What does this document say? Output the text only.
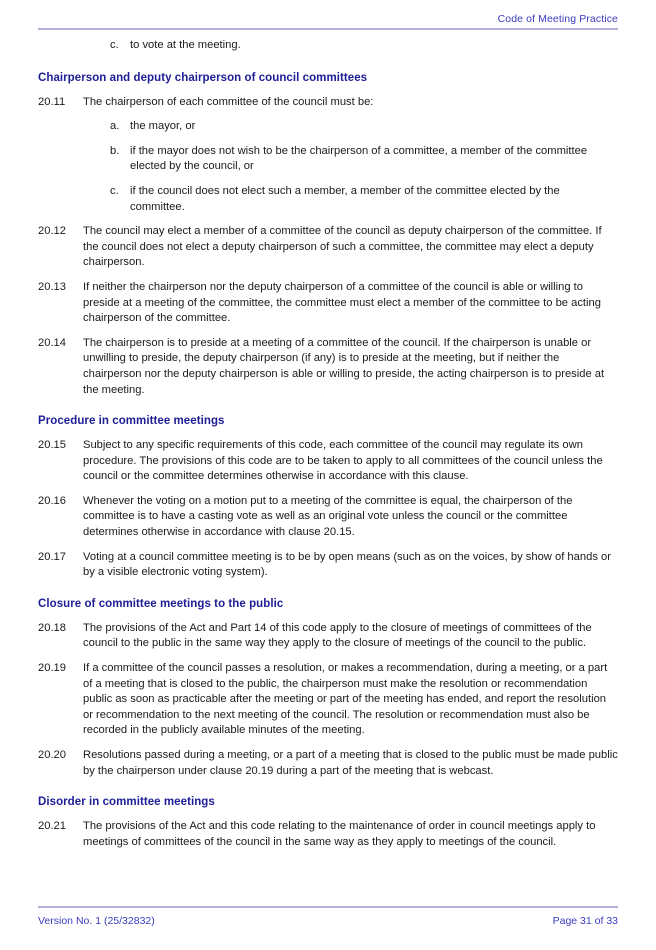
Code of Meeting Practice
c.	to vote at the meeting.
Chairperson and deputy chairperson of council committees
20.11	The chairperson of each committee of the council must be:
a. the mayor, or
b. if the mayor does not wish to be the chairperson of a committee, a member of the committee elected by the council, or
c.	if the council does not elect such a member, a member of the committee elected by the committee.
20.12	The council may elect a member of a committee of the council as deputy chairperson of the committee. If the council does not elect a deputy chairperson of such a committee, the committee may elect a deputy chairperson.
20.13	If neither the chairperson nor the deputy chairperson of a committee of the council is able or willing to preside at a meeting of the committee, the committee must elect a member of the committee to be acting chairperson of the committee.
20.14	The chairperson is to preside at a meeting of a committee of the council. If the chairperson is unable or unwilling to preside, the deputy chairperson (if any) is to preside at the meeting, but if neither the chairperson nor the deputy chairperson is able or willing to preside, the acting chairperson is to preside at the meeting.
Procedure in committee meetings
20.15	Subject to any specific requirements of this code, each committee of the council may regulate its own procedure. The provisions of this code are to be taken to apply to all committees of the council unless the council or the committee determines otherwise in accordance with this clause.
20.16	Whenever the voting on a motion put to a meeting of the committee is equal, the chairperson of the committee is to have a casting vote as well as an original vote unless the council or the committee determines otherwise in accordance with clause 20.15.
20.17	Voting at a council committee meeting is to be by open means (such as on the voices, by show of hands or by a visible electronic voting system).
Closure of committee meetings to the public
20.18	The provisions of the Act and Part 14 of this code apply to the closure of meetings of committees of the council to the public in the same way they apply to the closure of meetings of the council to the public.
20.19	If a committee of the council passes a resolution, or makes a recommendation, during a meeting, or a part of a meeting that is closed to the public, the chairperson must make the resolution or recommendation public as soon as practicable after the meeting or part of the meeting has ended, and report the resolution or recommendation to the next meeting of the council. The resolution or recommendation must also be recorded in the publicly available minutes of the meeting.
20.20	Resolutions passed during a meeting, or a part of a meeting that is closed to the public must be made public by the chairperson under clause 20.19 during a part of the meeting that is webcast.
Disorder in committee meetings
20.21	The provisions of the Act and this code relating to the maintenance of order in council meetings apply to meetings of committees of the council in the same way as they apply to meetings of the council.
Version No. 1 (25/32832)	Page 31 of 33
